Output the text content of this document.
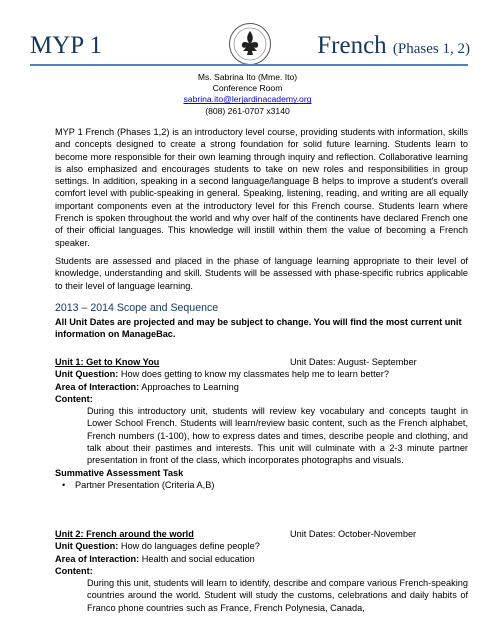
MYP 1	French (Phases 1, 2)
Ms. Sabrina Ito (Mme. Ito)
Conference Room
sabrina.ito@lerjardinacademy.org
(808) 261-0707 x3140

MYP 1 French (Phases 1,2) is an introductory level course, providing students with information, skills and concepts designed to create a strong foundation for solid future learning. Students learn to become more responsible for their own learning through inquiry and reflection. Collaborative learning is also emphasized and encourages students to take on new roles and responsibilities in group settings. In addition, speaking in a second language/language B helps to improve a student's overall comfort level with public-speaking in general. Speaking, listening, reading, and writing are all equally important components even at the introductory level for this French course. Students learn where French is spoken throughout the world and why over half of the continents have declared French one of their official languages. This knowledge will instill within them the value of becoming a French speaker.

Students are assessed and placed in the phase of language learning appropriate to their level of knowledge, understanding and skill. Students will be assessed with phase-specific rubrics applicable to their level of language learning.

2013 – 2014 Scope and Sequence
All Unit Dates are projected and may be subject to change. You will find the most current unit information on ManageBac.
Unit 1: Get to Know You	Unit Dates: August- September
Unit Question: How does getting to know my classmates help me to learn better?
Area of Interaction: Approaches to Learning
Content:
During this introductory unit, students will review key vocabulary and concepts taught in Lower School French. Students will learn/review basic content, such as the French alphabet, French numbers (1-100), how to express dates and times, describe people and clothing, and talk about their pastimes and interests. This unit will culminate with a 2-3 minute partner presentation in front of the class, which incorporates photographs and visuals.
Summative Assessment Task
• Partner Presentation (Criteria A,B)
Unit 2: French around the world	Unit Dates: October-November
Unit Question: How do languages define people?
Area of Interaction: Health and social education
Content:
During this unit, students will learn to identify, describe and compare various French-speaking countries around the world. Student will study the customs, celebrations and daily habits of Franco phone countries such as France, French Polynesia, Canada,
